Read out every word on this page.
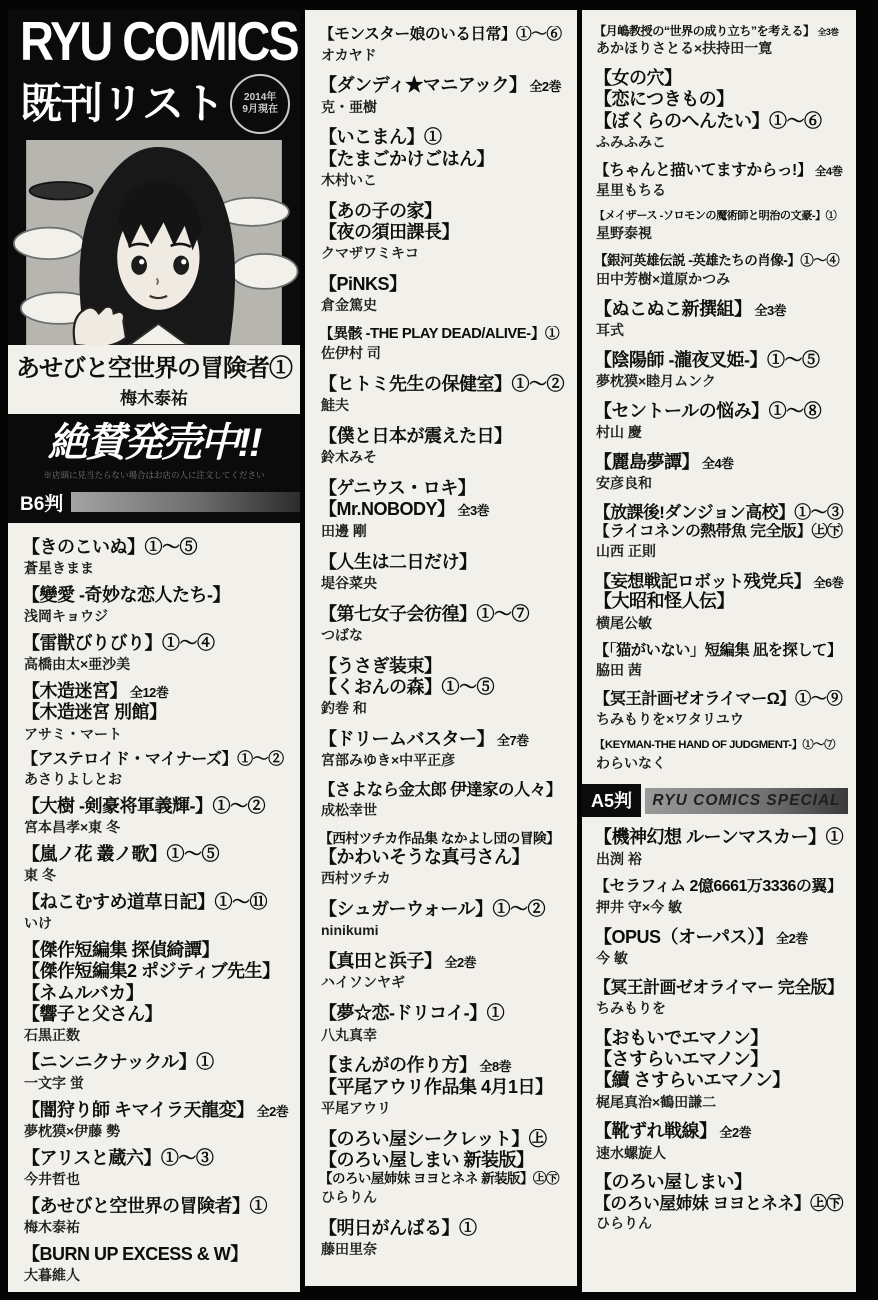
RYU COMICS
既刊リスト 2014年
9月現在
あせびと空世界の冒険者①
梅木泰祐
絶賛発売中!!
※店頭に見当たらない場合はお店の人に注文してください
B6判
【きのこいぬ】①〜⑤
蒼星きまま
【變愛 -奇妙な恋人たち-】
浅岡キョウジ
【雷獣びりびり】①〜④
高橋由太×亜沙美
【木造迷宮】 全12巻
【木造迷宮 別館】
アサミ・マート
【アステロイド・マイナーズ】①〜②
あさりよしとお
【大樹 -剣豪将軍義輝-】①〜②
宮本昌孝×東 冬
【嵐ノ花 叢ノ歌】①〜⑤
東 冬
【ねこむすめ道草日記】①〜⑪
いけ
【傑作短編集 探偵綺譚】
【傑作短編集2 ポジティブ先生】
【ネムルバカ】
【響子と父さん】
石黒正数
【ニンニクナックル】①
一文字 蛍
【闇狩り師 キマイラ天龍変】 全2巻
夢枕獏×伊藤 勢
【アリスと蔵六】①〜③
今井哲也
【あせびと空世界の冒険者】①
梅木泰祐
【BURN UP EXCESS & W】
大暮維人
【モンスター娘のいる日常】①〜⑥
オカヤド
【ダンディ★マニアック】 全2巻
克・亜樹
【いこまん】①
【たまごかけごはん】
木村いこ
【あの子の家】
【夜の須田課長】
クマザワミキコ
【PiNKS】
倉金篤史
【異骸 -THE PLAY DEAD/ALIVE-】①
佐伊村 司
【ヒトミ先生の保健室】①〜②
鮭夫
【僕と日本が震えた日】
鈴木みそ
【ゲニウス・ロキ】
【Mr.NOBODY】 全3巻
田邊 剛
【人生は二日だけ】
堤谷菜央
【第七女子会彷徨】①〜⑦
つばな
【うさぎ装束】
【くおんの森】①〜⑤
釣巻 和
【ドリームバスター】 全7巻
宮部みゆき×中平正彦
【さよなら金太郎 伊達家の人々】
成松幸世
【西村ツチカ作品集 なかよし団の冒険】
【かわいそうな真弓さん】
西村ツチカ
【シュガーウォール】①〜②
ninikumi
【真田と浜子】 全2巻
ハイソンヤギ
【夢☆恋-ドリコイ-】①
八丸真幸
【まんがの作り方】 全8巻
【平尾アウリ作品集 4月1日】
平尾アウリ
【のろい屋シークレット】㊤
【のろい屋しまい 新装版】
【のろい屋姉妹 ヨヨとネネ 新装版】㊤㊦
ひらりん
【明日がんばる】①
藤田里奈
【月嶋教授の“世界の成り立ち”を考える】 全3巻
あかほりさとる×扶持田一寛
【女の穴】
【恋につきもの】
【ぼくらのへんたい】①〜⑥
ふみふみこ
【ちゃんと描いてますからっ!】 全4巻
星里もちる
【メイザース -ソロモンの魔術師と明治の文豪-】①
星野泰視
【銀河英雄伝説 -英雄たちの肖像-】①〜④
田中芳樹×道原かつみ
【ぬこぬこ新撰組】 全3巻
耳式
【陰陽師 -瀧夜叉姫-】①〜⑤
夢枕獏×睦月ムンク
【セントールの悩み】①〜⑧
村山 慶
【麗島夢譚】 全4巻
安彦良和
【放課後!ダンジョン高校】①〜③
【ライコネンの熱帯魚 完全版】㊤㊦
山西 正則
【妄想戦記ロボット残党兵】 全6巻
【大昭和怪人伝】
横尾公敏
【「猫がいない」短編集 凪を探して】
脇田 茜
【冥王計画ゼオライマーΩ】①〜⑨
ちみもりを×ワタリユウ
【KEYMAN-THE HAND OF JUDGMENT-】①〜⑦
わらいなく
A5判	RYU COMICS SPECIAL
【機神幻想 ルーンマスカー】①
出渕 裕
【セラフィム 2億6661万3336の翼】
押井 守×今 敏
【OPUS（オーパス）】 全2巻
今 敏
【冥王計画ゼオライマー 完全版】
ちみもりを
【おもいでエマノン】
【さすらいエマノン】
【續 さすらいエマノン】
梶尾真治×鶴田謙二
【靴ずれ戦線】 全2巻
速水螺旋人
【のろい屋しまい】
【のろい屋姉妹 ヨヨとネネ】㊤㊦
ひらりん
